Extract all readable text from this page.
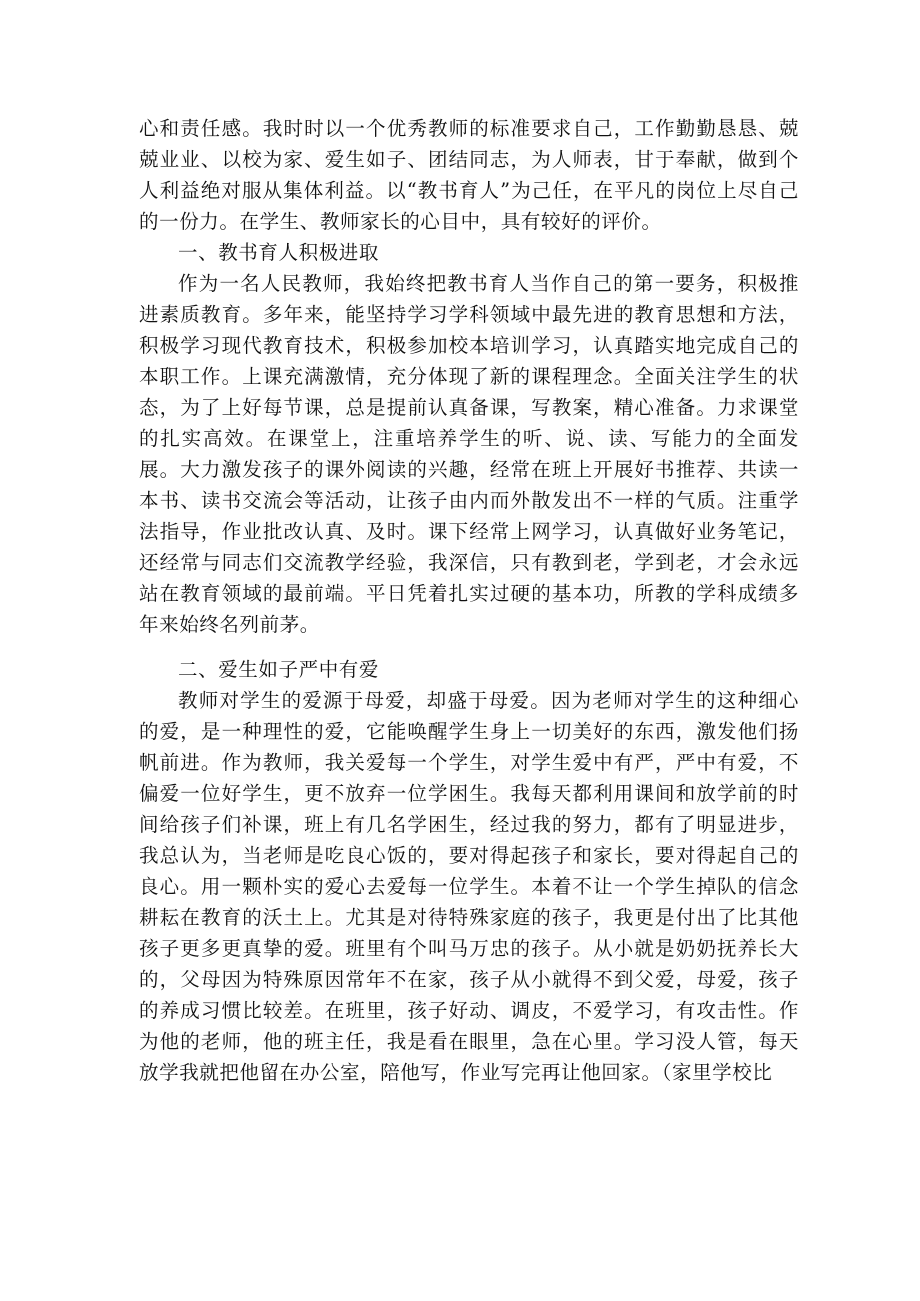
心和责任感。我时时以一个优秀教师的标准要求自己，工作勤勤恳恳、兢兢业业、以校为家、爱生如子、团结同志，为人师表，甘于奉献，做到个人利益绝对服从集体利益。以“教书育人”为己任，在平凡的岗位上尽自己的一份力。在学生、教师家长的心目中，具有较好的评价。

一、教书育人积极进取

作为一名人民教师，我始终把教书育人当作自己的第一要务，积极推进素质教育。多年来，能坚持学习学科领域中最先进的教育思想和方法，积极学习现代教育技术，积极参加校本培训学习，认真踏实地完成自己的本职工作。上课充满激情，充分体现了新的课程理念。全面关注学生的状态，为了上好每节课，总是提前认真备课，写教案，精心准备。力求课堂的扎实高效。在课堂上，注重培养学生的听、说、读、写能力的全面发展。大力激发孩子的课外阅读的兴趣，经常在班上开展好书推荐、共读一本书、读书交流会等活动，让孩子由内而外散发出不一样的气质。注重学法指导，作业批改认真、及时。课下经常上网学习，认真做好业务笔记，还经常与同志们交流教学经验，我深信，只有教到老，学到老，才会永远站在教育领域的最前端。平日凭着扎实过硬的基本功，所教的学科成绩多年来始终名列前茅。

二、爱生如子严中有爱

教师对学生的爱源于母爱，却盛于母爱。因为老师对学生的这种细心的爱，是一种理性的爱，它能唤醒学生身上一切美好的东西，激发他们扬帆前进。作为教师，我关爱每一个学生，对学生爱中有严，严中有爱，不偏爱一位好学生，更不放弃一位学困生。我每天都利用课间和放学前的时间给孩子们补课，班上有几名学困生，经过我的努力，都有了明显进步，我总认为，当老师是吃良心饭的，要对得起孩子和家长，要对得起自己的良心。用一颗朴实的爱心去爱每一位学生。本着不让一个学生掉队的信念耕耘在教育的沃土上。尤其是对待特殊家庭的孩子，我更是付出了比其他孩子更多更真挚的爱。班里有个叫马万忠的孩子。从小就是奶奶抚养长大的，父母因为特殊原因常年不在家，孩子从小就得不到父爱，母爱，孩子的养成习惯比较差。在班里，孩子好动、调皮，不爱学习，有攻击性。作为他的老师，他的班主任，我是看在眼里，急在心里。学习没人管，每天放学我就把他留在办公室，陪他写，作业写完再让他回家。（家里学校比
